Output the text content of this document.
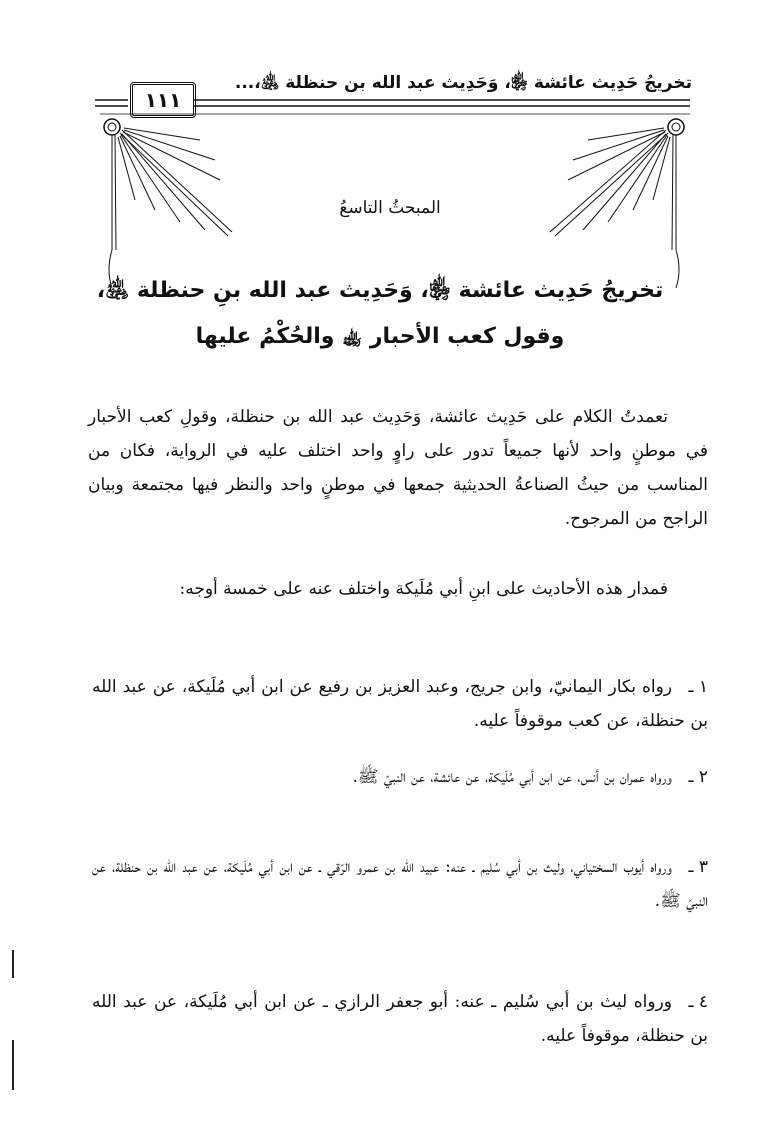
تخريجُ حَدِيث عائشة ﵂، وَحَدِيث عبد الله بن حنظلة ﵁،...
١١١
المبحثُ التاسعُ
تخريجُ حَدِيث عائشة ﵂، وَحَدِيث عبد الله بنِ حنظلة ﵁،
وقول كعب الأحبار ﵀ والحُكْمُ عليها
تعمدتُ الكلام على حَدِيث عائشة، وَحَدِيث عبد الله بن حنظلة، وقولِ كعب الأحبار في موطنٍ واحد لأنها جميعاً تدور على راوٍ واحد اختلف عليه في الرواية، فكان من المناسب من حيثُ الصناعةُ الحديثية جمعها في موطنٍ واحد والنظر فيها مجتمعة وبيان الراجح من المرجوح.
فمدار هذه الأحاديث على ابنِ أبي مُلَيكة واختلف عنه على خمسة أوجه:
١ ـرواه بكار اليمانيّ، وابن جريج، وعبد العزيز بن رفيع عن ابن أبي مُلَيكة، عن عبد الله بن حنظلة، عن كعب موقوفاً عليه.
٢ ـورواه عمران بن أنس، عن ابن أبي مُلَيكة، عن عائشة، عن النبيّ ﷺ.
٣ ـورواه أيوب السختياني، وليث بن أبي سُليم ـ عنه: عبيد الله بن عمرو الرّقي ـ عن ابن أبي مُلَيكة، عن عبد الله بن حنظلة، عن النبيّ ﷺ.
٤ ـورواه ليث بن أبي سُليم ـ عنه: أبو جعفر الرازي ـ عن ابن أبي مُلَيكة، عن عبد الله بن حنظلة، موقوفاً عليه.
